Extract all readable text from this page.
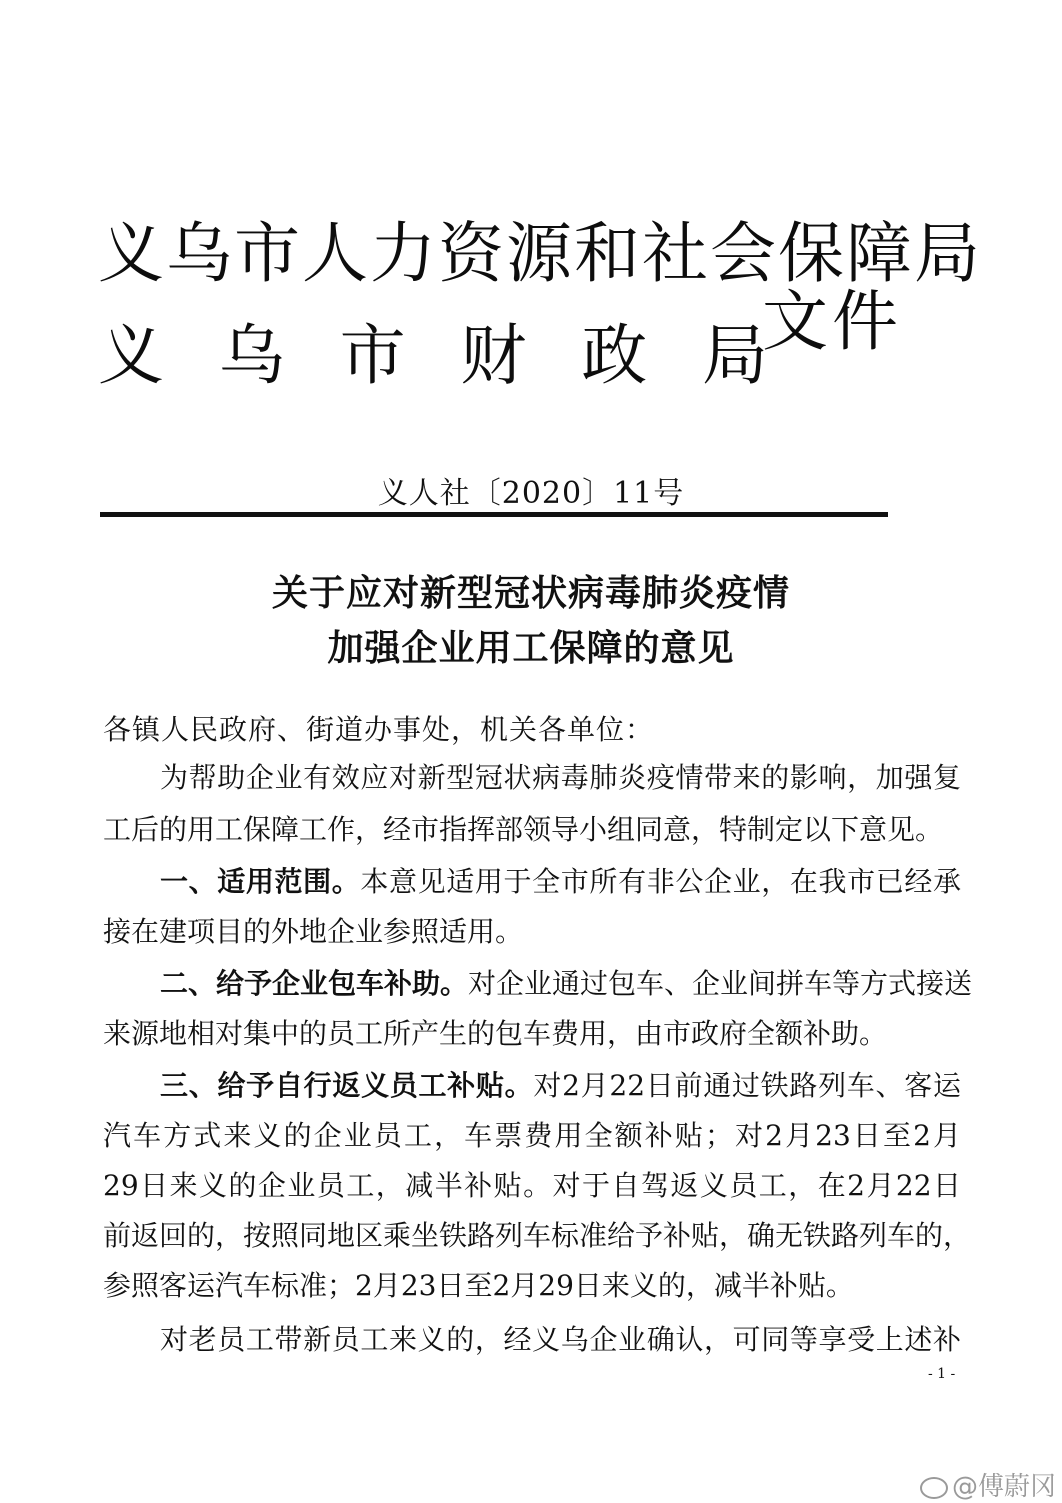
义乌市人力资源和社会保障局
义 乌 市 财 政 局
文件
义人社〔2020〕11号
关于应对新型冠状病毒肺炎疫情
加强企业用工保障的意见
各镇人民政府、街道办事处，机关各单位：
为帮助企业有效应对新型冠状病毒肺炎疫情带来的影响，加强复
工后的用工保障工作，经市指挥部领导小组同意，特制定以下意见。
一、适用范围。本意见适用于全市所有非公企业，在我市已经承
接在建项目的外地企业参照适用。
二、给予企业包车补助。对企业通过包车、企业间拼车等方式接送
来源地相对集中的员工所产生的包车费用，由市政府全额补助。
三、给予自行返义员工补贴。对2月22日前通过铁路列车、客运
汽车方式来义的企业员工，车票费用全额补贴；对2月23日至2月
29日来义的企业员工，减半补贴。对于自驾返义员工，在2月22日
前返回的，按照同地区乘坐铁路列车标准给予补贴，确无铁路列车的，
参照客运汽车标准；2月23日至2月29日来义的，减半补贴。
对老员工带新员工来义的，经义乌企业确认，可同等享受上述补
- 1 -
@傅蔚冈
